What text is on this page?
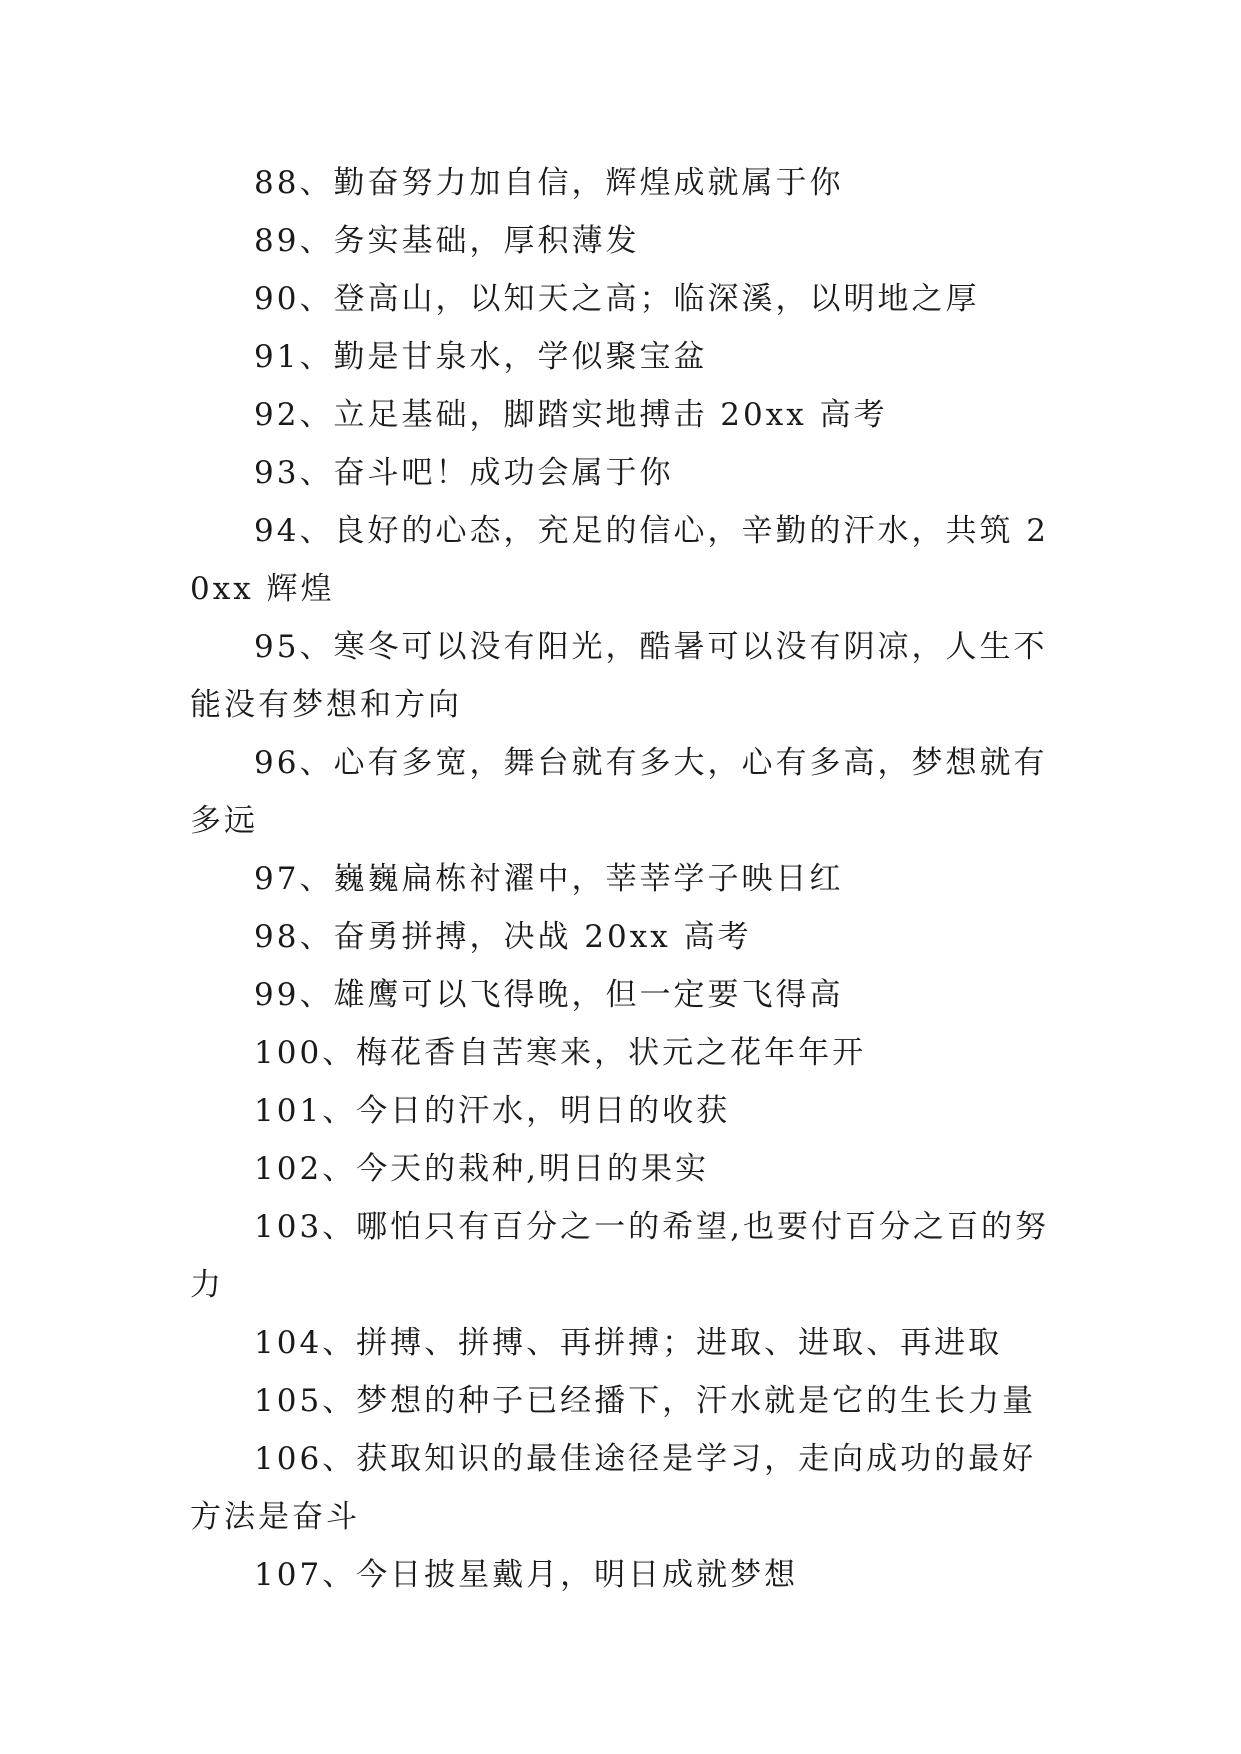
88、勤奋努力加自信，辉煌成就属于你

89、务实基础，厚积薄发

90、登高山，以知天之高；临深溪，以明地之厚

91、勤是甘泉水，学似聚宝盆

92、立足基础，脚踏实地搏击 20xx 高考

93、奋斗吧！成功会属于你

94、良好的心态，充足的信心，辛勤的汗水，共筑 20xx 辉煌

95、寒冬可以没有阳光，酷暑可以没有阴凉，人生不能没有梦想和方向

96、心有多宽，舞台就有多大，心有多高，梦想就有多远

97、巍巍扁栋衬濯中，莘莘学子映日红

98、奋勇拼搏，决战 20xx 高考

99、雄鹰可以飞得晚，但一定要飞得高

100、梅花香自苦寒来，状元之花年年开

101、今日的汗水，明日的收获

102、今天的栽种,明日的果实

103、哪怕只有百分之一的希望,也要付百分之百的努力

104、拼搏、拼搏、再拼搏；进取、进取、再进取

105、梦想的种子已经播下，汗水就是它的生长力量

106、获取知识的最佳途径是学习，走向成功的最好方法是奋斗

107、今日披星戴月，明日成就梦想
